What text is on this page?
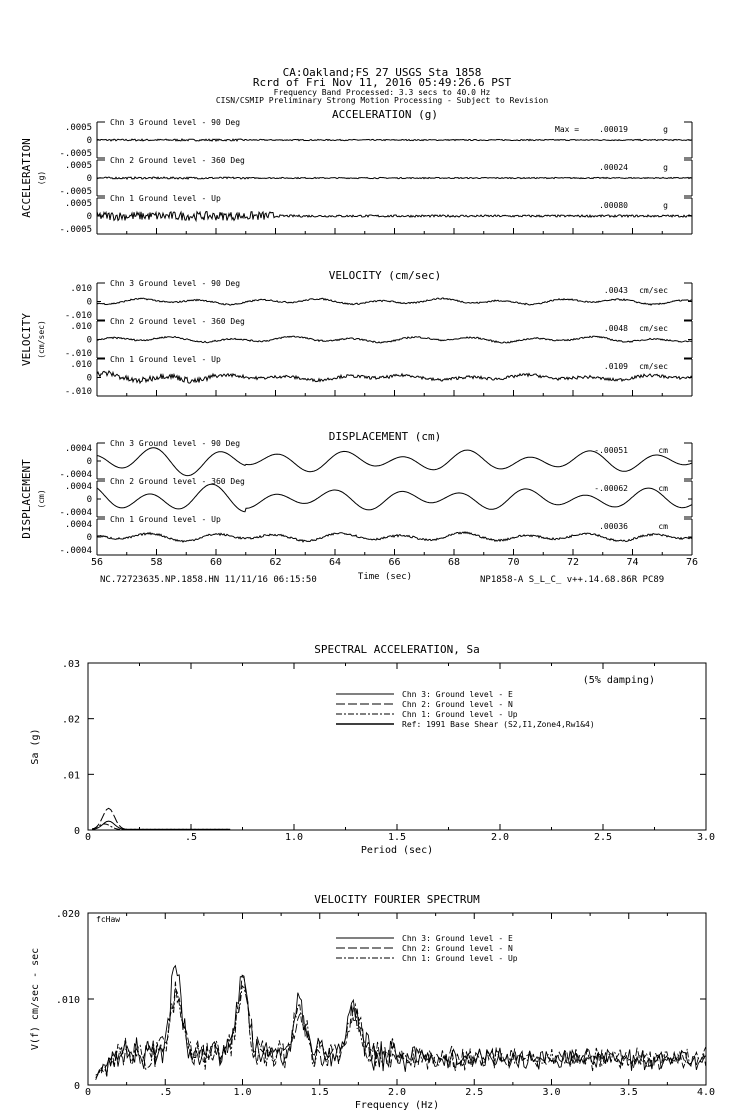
CA:Oakland;FS 27 USGS Sta 1858
Rcrd of Fri Nov 11, 2016 05:49:26.6 PST
Frequency Band Processed: 3.3 secs to 40.0 Hz
CISN/CSMIP Preliminary Strong Motion Processing - Subject to Revision
NC.72723635.NP.1858.HN 11/11/16 06:15:50	NP1858-A S_L_C_ v++.14.68.86R PC89
ACCELERATION (g)
ACCELERATION (g)
.0005
0
-.0005
Chn 3 Ground level - 90 Deg
Max =	.00019	g
.0005
0
-.0005
Chn 2 Ground level - 360 Deg
.00024	g
.0005
0
-.0005
Chn 1 Ground level - Up
.00080	g
VELOCITY (cm/sec)
VELOCITY (cm/sec)
.010
0
-.010
Chn 3 Ground level - 90 Deg
.0043 cm/sec
.010
0
-.010
Chn 2 Ground level - 360 Deg
.0048 cm/sec
.010
0
-.010
Chn 1 Ground level - Up
.0109 cm/sec
DISPLACEMENT (cm)
DISPLACEMENT (cm)
.0004
0
-.0004
Chn 3 Ground level - 90 Deg
-.00051	cm
.0004
0
-.0004
Chn 2 Ground level - 360 Deg
-.00062	cm
.0004
0
-.0004
Chn 1 Ground level - Up
.00036	cm
56	58	60	62	64	66	68	70	72	74	76
Time (sec)
SPECTRAL ACCELERATION, Sa
0	.5	1.0	1.5	2.0	2.5	3.0
.03
.02
.01
0
Period (sec)
Sa (g)
Chn 3: Ground level - E
Chn 2: Ground level - N
Chn 1: Ground level - Up
Ref: 1991 Base Shear (S2,I1,Zone4,Rw1&4)
(5% damping)
VELOCITY FOURIER SPECTRUM
0	.5	1.0	1.5	2.0	2.5	3.0	3.5	4.0
.020
.010
0
Frequency (Hz)
V(f) cm/sec - sec
Chn 3: Ground level - E
Chn 2: Ground level - N
Chn 1: Ground level - Up
fcHaw
